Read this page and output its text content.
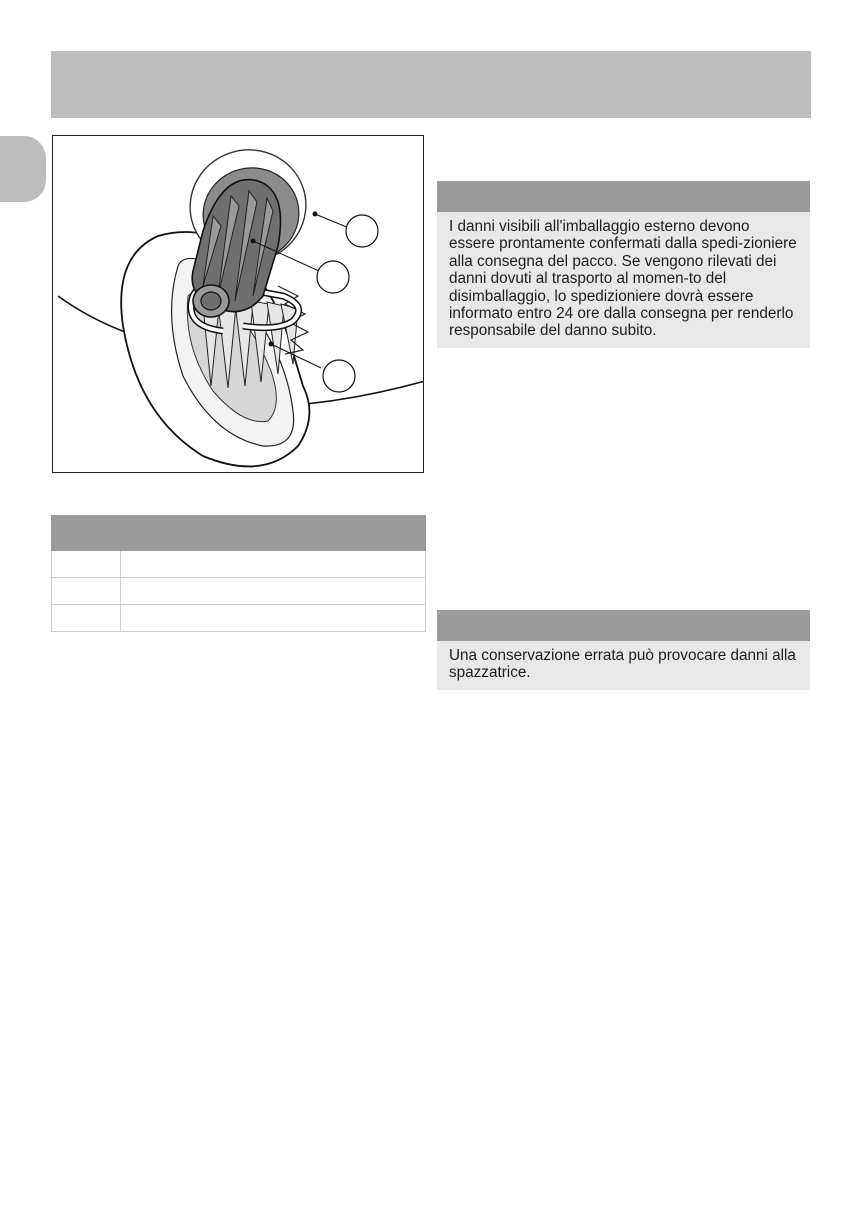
I danni visibili all'imballaggio esterno devono essere prontamente confermati dalla spedi-zioniere alla consegna del pacco. Se vengono rilevati dei danni dovuti al trasporto al momen-to del disimballaggio, lo spedizioniere dovrà essere informato entro 24 ore dalla consegna per renderlo responsabile del danno subito.
Una conservazione errata può provocare danni alla spazzatrice.
